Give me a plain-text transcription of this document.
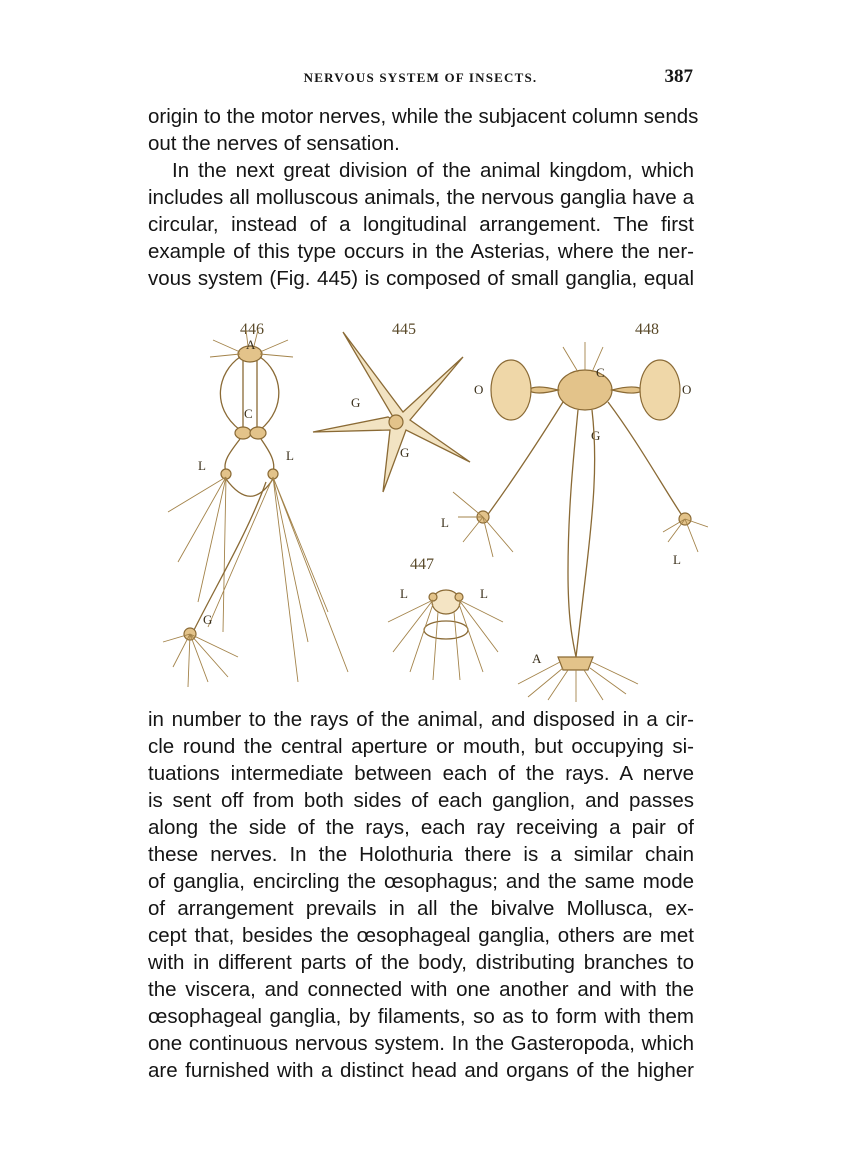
NERVOUS SYSTEM OF INSECTS.	387
origin to the motor nerves, while the subjacent column sends
out the nerves of sensation.
In the next great division of the animal kingdom, which
includes all molluscous animals, the nervous ganglia have a
circular, instead of a longitudinal arrangement. The first
example of this type occurs in the Asterias, where the ner-
vous system (Fig. 445) is composed of small ganglia, equal
446
A
C
L
L
G
445
G
G
447
L	L
448
C
O	O
G
L
L
A
in number to the rays of the animal, and disposed in a cir-
cle round the central aperture or mouth, but occupying si-
tuations intermediate between each of the rays. A nerve
is sent off from both sides of each ganglion, and passes
along the side of the rays, each ray receiving a pair of
these nerves. In the Holothuria there is a similar chain
of ganglia, encircling the œsophagus; and the same mode
of arrangement prevails in all the bivalve Mollusca, ex-
cept that, besides the œsophageal ganglia, others are met
with in different parts of the body, distributing branches to
the viscera, and connected with one another and with the
œsophageal ganglia, by filaments, so as to form with them
one continuous nervous system. In the Gasteropoda, which
are furnished with a distinct head and organs of the higher
